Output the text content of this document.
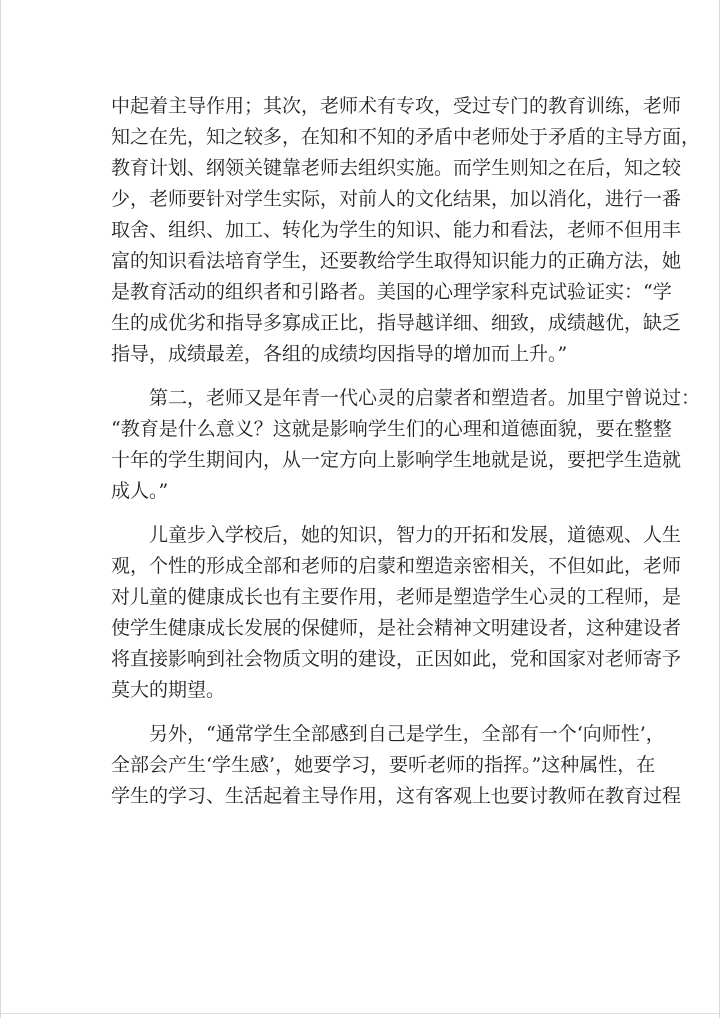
中起着主导作用；其次，老师术有专攻，受过专门的教育训练，老师
知之在先，知之较多，在知和不知的矛盾中老师处于矛盾的主导方面，
教育计划、纲领关键靠老师去组织实施。而学生则知之在后，知之较
少，老师要针对学生实际，对前人的文化结果，加以消化，进行一番
取舍、组织、加工、转化为学生的知识、能力和看法，老师不但用丰
富的知识看法培育学生，还要教给学生取得知识能力的正确方法，她
是教育活动的组织者和引路者。美国的心理学家科克试验证实：“学
生的成优劣和指导多寡成正比，指导越详细、细致，成绩越优，缺乏
指导，成绩最差，各组的成绩均因指导的增加而上升。”
第二，老师又是年青一代心灵的启蒙者和塑造者。加里宁曾说过：
“教育是什么意义？这就是影响学生们的心理和道德面貌，要在整整
十年的学生期间内，从一定方向上影响学生地就是说，要把学生造就
成人。”
儿童步入学校后，她的知识，智力的开拓和发展，道德观、人生
观，个性的形成全部和老师的启蒙和塑造亲密相关，不但如此，老师
对儿童的健康成长也有主要作用，老师是塑造学生心灵的工程师，是
使学生健康成长发展的保健师，是社会精神文明建设者，这种建设者
将直接影响到社会物质文明的建设，正因如此，党和国家对老师寄予
莫大的期望。
另外，“通常学生全部感到自己是学生，全部有一个‘向师性’，
全部会产生‘学生感’，她要学习，要听老师的指挥。”这种属性，在
学生的学习、生活起着主导作用，这有客观上也要讨教师在教育过程
